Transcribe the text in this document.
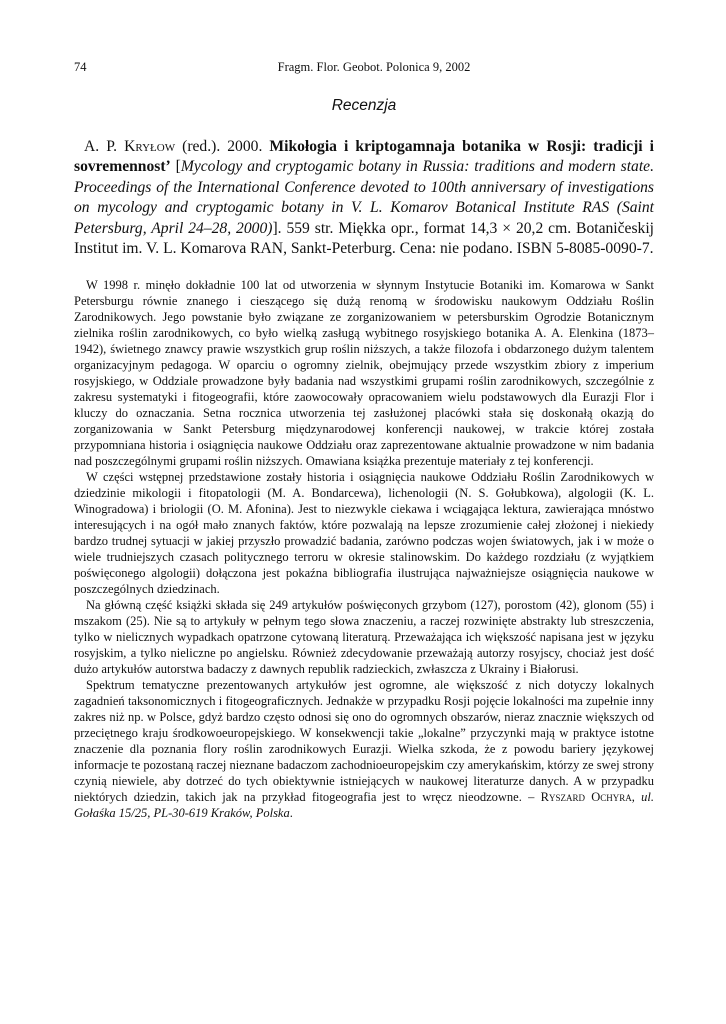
74	Fragm. Flor. Geobot. Polonica 9, 2002
Recenzja

A. P. Kryłow (red.). 2000. Mikołogia i kriptogamnaja botanika w Rosji: tradicji i sovremennost’ [Mycology and cryptogamic botany in Russia: traditions and modern state. Proceedings of the International Conference devoted to 100th anniversary of investigations on mycology and cryptogamic botany in V. L. Komarov Botanical Institute RAS (Saint Petersburg, April 24–28, 2000)]. 559 str. Miękka opr., format 14,3 × 20,2 cm. Botaničeskij Institut im. V. L. Komarova RAN, Sankt-Peterburg. Cena: nie podano. ISBN 5-8085-0090-7.

W 1998 r. minęło dokładnie 100 lat od utworzenia w słynnym Instytucie Botaniki im. Komarowa w Sankt Petersburgu równie znanego i cieszącego się dużą renomą w środowisku naukowym Oddziału Roślin Zarodnikowych. Jego powstanie było związane ze zorganizowaniem w petersburskim Ogrodzie Botanicznym zielnika roślin zarodnikowych, co było wielką zasługą wybitnego rosyjskiego botanika A. A. Elenkina (1873–1942), świetnego znawcy prawie wszystkich grup roślin niższych, a także filozofa i obdarzonego dużym talentem organizacyjnym pedagoga. W oparciu o ogromny zielnik, obejmujący przede wszystkim zbiory z imperium rosyjskiego, w Oddziale prowadzone były badania nad wszystkimi grupami roślin zarodnikowych, szczególnie z zakresu systematyki i fitogeografii, które zaowocowały opracowaniem wielu podstawowych dla Eurazji Flor i kluczy do oznaczania. Setna rocznica utworzenia tej zasłużonej placówki stała się doskonałą okazją do zorganizowania w Sankt Petersburg międzynarodowej konferencji naukowej, w trakcie której została przypomniana historia i osiągnięcia naukowe Oddziału oraz zaprezentowane aktualnie prowadzone w nim badania nad poszczególnymi grupami roślin niższych. Omawiana książka prezentuje materiały z tej konferencji.

W części wstępnej przedstawione zostały historia i osiągnięcia naukowe Oddziału Roślin Zarodnikowych w dziedzinie mikologii i fitopatologii (M. A. Bondarcewa), lichenologii (N. S. Gołubkowa), algologii (K. L. Winogradowa) i briologii (O. M. Afonina). Jest to niezwykle ciekawa i wciągająca lektura, zawierająca mnóstwo interesujących i na ogół mało znanych faktów, które pozwalają na lepsze zrozumienie całej złożonej i niekiedy bardzo trudnej sytuacji w jakiej przyszło prowadzić badania, zarówno podczas wojen światowych, jak i w może o wiele trudniejszych czasach politycznego terroru w okresie stalinowskim. Do każdego rozdziału (z wyjątkiem poświęconego algologii) dołączona jest pokaźna bibliografia ilustrująca najważniejsze osiągnięcia naukowe w poszczególnych dziedzinach.

Na główną część książki składa się 249 artykułów poświęconych grzybom (127), porostom (42), glonom (55) i mszakom (25). Nie są to artykuły w pełnym tego słowa znaczeniu, a raczej rozwinięte abstrakty lub streszczenia, tylko w nielicznych wypadkach opatrzone cytowaną literaturą. Przeważająca ich większość napisana jest w języku rosyjskim, a tylko nieliczne po angielsku. Również zdecydowanie przeważają autorzy rosyjscy, chociaż jest dość dużo artykułów autorstwa badaczy z dawnych republik radzieckich, zwłaszcza z Ukrainy i Białorusi.

Spektrum tematyczne prezentowanych artykułów jest ogromne, ale większość z nich dotyczy lokalnych zagadnień taksonomicznych i fitogeograficznych. Jednakże w przypadku Rosji pojęcie lokalności ma zupełnie inny zakres niż np. w Polsce, gdyż bardzo często odnosi się ono do ogromnych obszarów, nieraz znacznie większych od przeciętnego kraju środkowoeuropejskiego. W konsekwencji takie „lokalne” przyczynki mają w praktyce istotne znaczenie dla poznania flory roślin zarodnikowych Eurazji. Wielka szkoda, że z powodu bariery językowej informacje te pozostaną raczej nieznane badaczom zachodnioeuropejskim czy amerykańskim, którzy ze swej strony czynią niewiele, aby dotrzeć do tych obiektywnie istniejących w naukowej literaturze danych. A w przypadku niektórych dziedzin, takich jak na przykład fitogeografia jest to wręcz nieodzowne. – Ryszard Ochyra, ul. Gołaśka 15/25, PL-30-619 Kraków, Polska.
